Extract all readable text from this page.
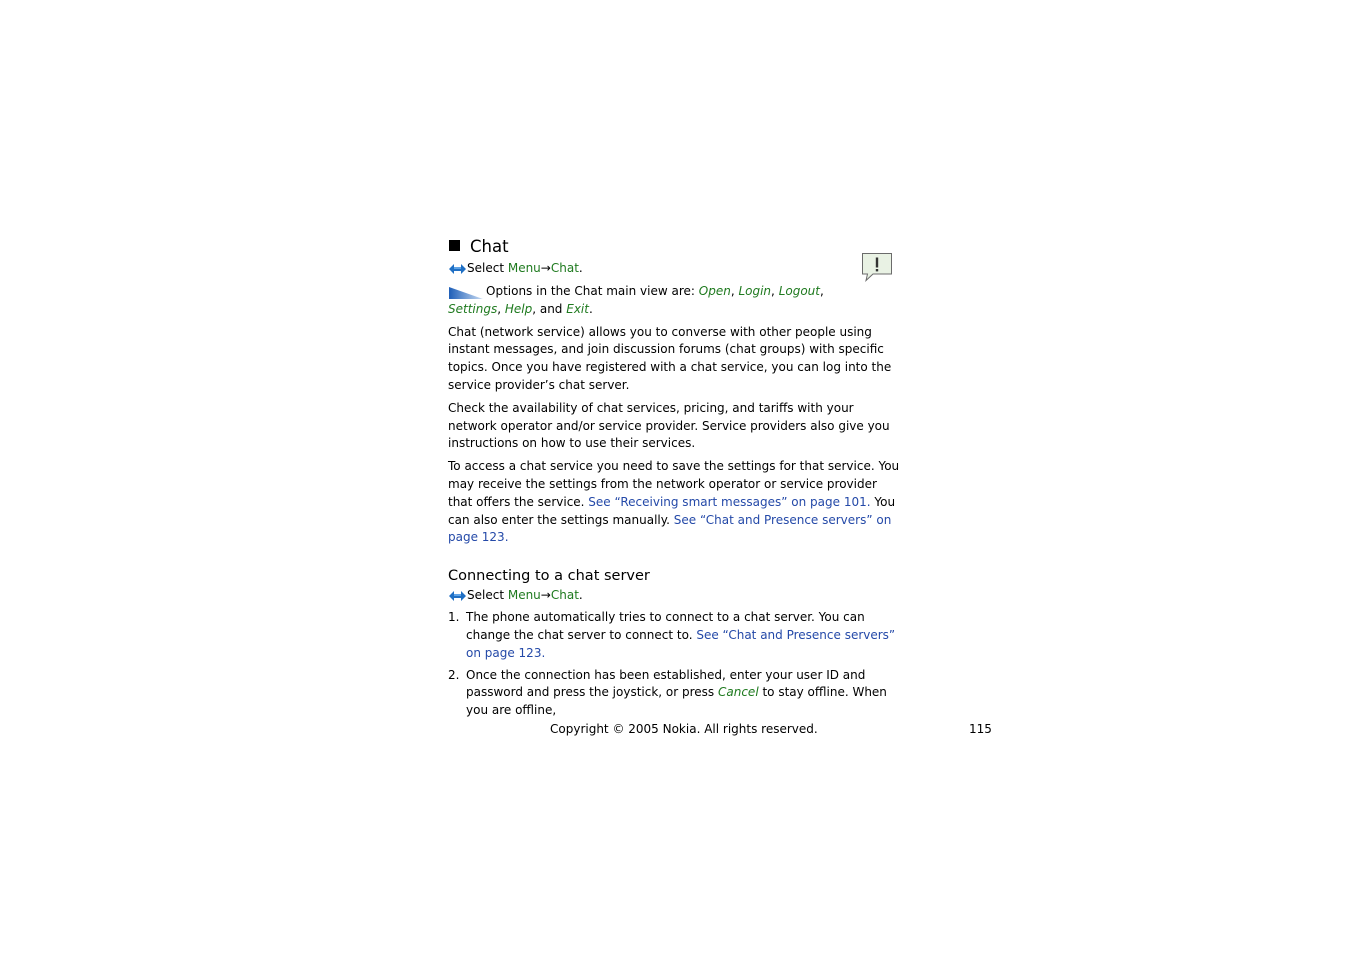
Chat
Select Menu→Chat.
Options in the Chat main view are: Open, Login, Logout,
Settings, Help, and Exit.

Chat (network service) allows you to converse with other people using instant messages, and join discussion forums (chat groups) with specific topics. Once you have registered with a chat service, you can log into the service provider’s chat server.

Check the availability of chat services, pricing, and tariffs with your network operator and/or service provider. Service providers also give you instructions on how to use their services.

To access a chat service you need to save the settings for that service. You may receive the settings from the network operator or service provider that offers the service. See “Receiving smart messages” on page 101. You can also enter the settings manually. See “Chat and Presence servers” on page 123.

Connecting to a chat server
Select Menu→Chat.
1. The phone automatically tries to connect to a chat server. You can change the chat server to connect to. See “Chat and Presence servers” on page 123.
2. Once the connection has been established, enter your user ID and password and press the joystick, or press Cancel to stay offline. When you are offline,
Copyright © 2005 Nokia. All rights reserved.	115
